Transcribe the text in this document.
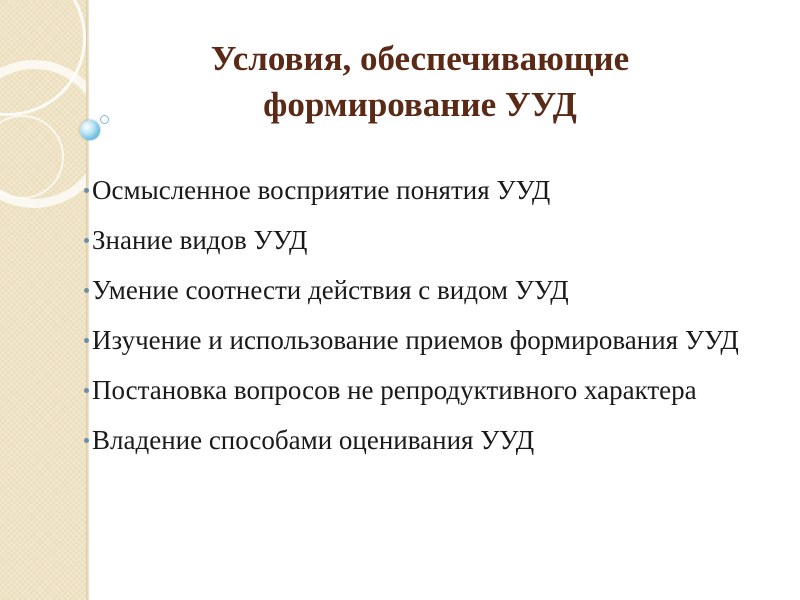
Условия, обеспечивающие
формирование УУД
Осмысленное восприятие понятия УУД
Знание видов УУД
Умение соотнести действия с видом УУД
Изучение и использование приемов формирования УУД
Постановка вопросов не репродуктивного характера
Владение способами оценивания УУД
